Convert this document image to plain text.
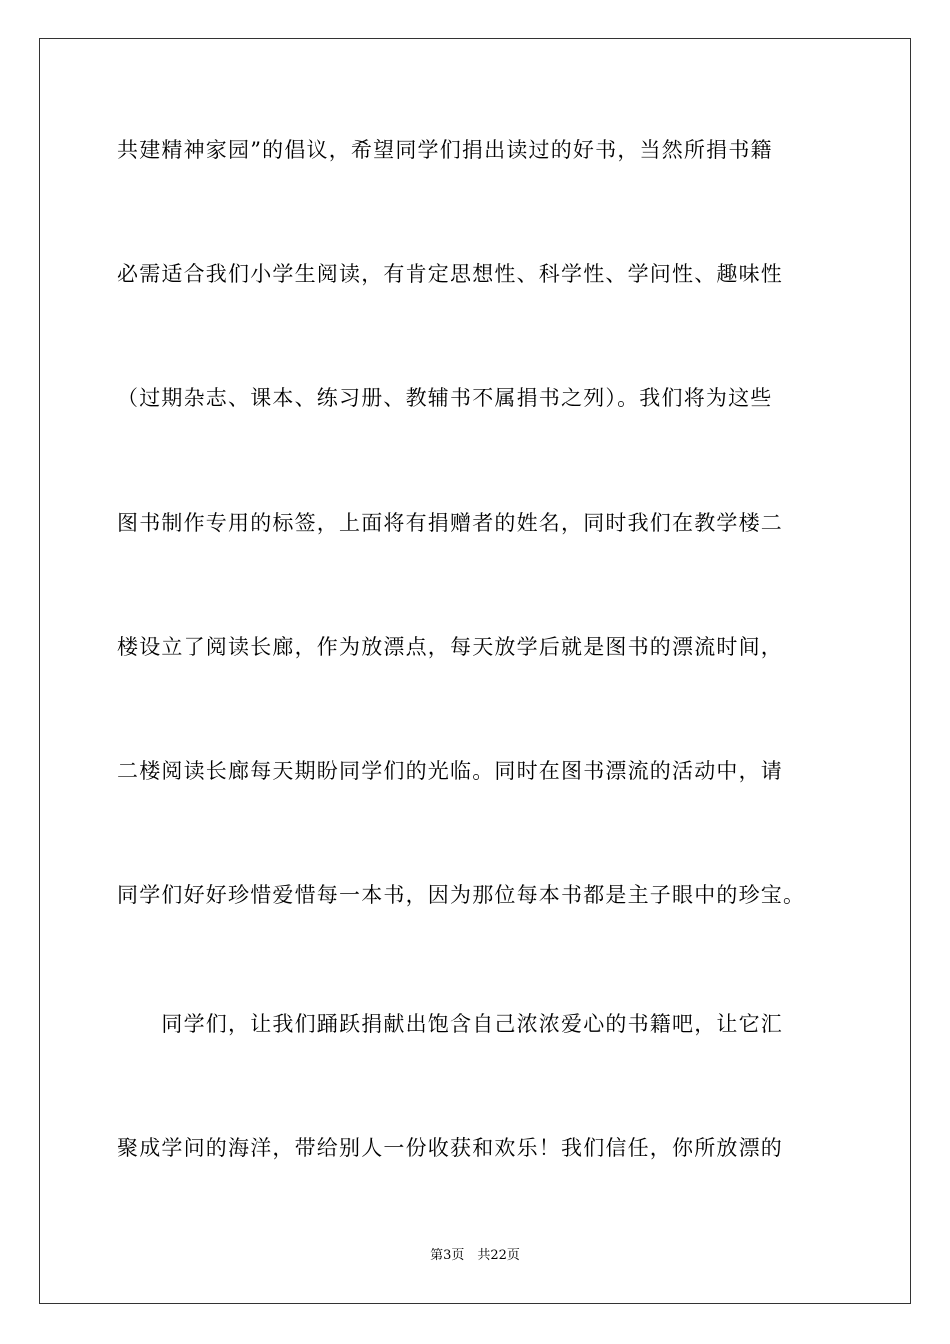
共建精神家园”的倡议，希望同学们捐出读过的好书，当然所捐书籍
必需适合我们小学生阅读，有肯定思想性、科学性、学问性、趣味性
（过期杂志、课本、练习册、教辅书不属捐书之列）。我们将为这些
图书制作专用的标签，上面将有捐赠者的姓名，同时我们在教学楼二
楼设立了阅读长廊，作为放漂点，每天放学后就是图书的漂流时间，
二楼阅读长廊每天期盼同学们的光临。同时在图书漂流的活动中，请
同学们好好珍惜爱惜每一本书，因为那位每本书都是主子眼中的珍宝。
　　同学们，让我们踊跃捐献出饱含自己浓浓爱心的书籍吧，让它汇
聚成学问的海洋，带给别人一份收获和欢乐！我们信任，你所放漂的
第3页　共22页
